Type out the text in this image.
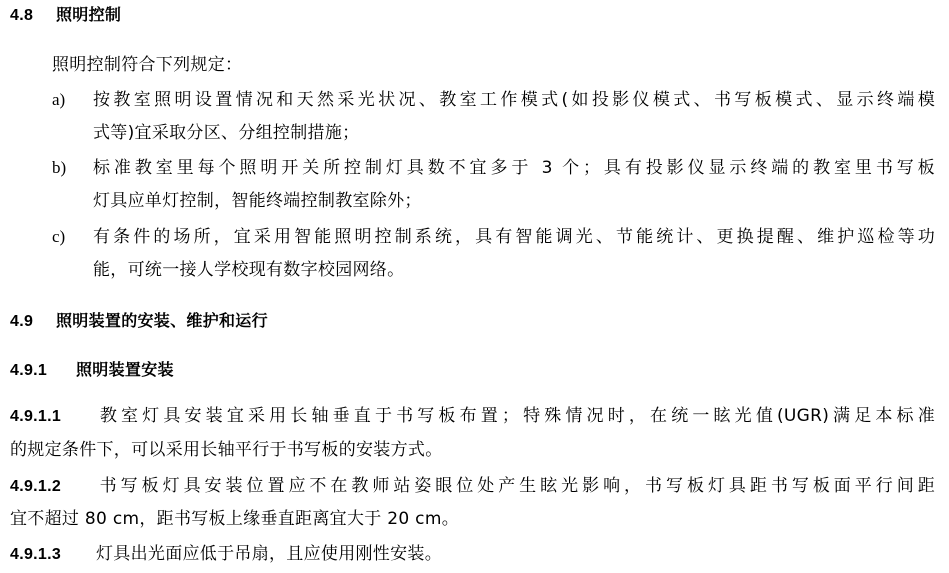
4.8 照明控制
照明控制符合下列规定：
a) 按教室照明设置情况和天然采光状况、教室工作模式(如投影仪模式、书写板模式、显示终端模
式等)宜采取分区、分组控制措施；
b) 标准教室里每个照明开关所控制灯具数不宜多于 3 个；具有投影仪显示终端的教室里书写板
灯具应单灯控制，智能终端控制教室除外；
c) 有条件的场所，宜采用智能照明控制系统，具有智能调光、节能统计、更换提醒、维护巡检等功
能，可统一接人学校现有数字校园网络。
4.9 照明装置的安装、维护和运行
4.9.1 照明装置安装
4.9.1.1 教室灯具安装宜采用长轴垂直于书写板布置；特殊情况时，在统一眩光值(UGR)满足本标准
的规定条件下，可以采用长轴平行于书写板的安装方式。
4.9.1.2 书写板灯具安装位置应不在教师站姿眼位处产生眩光影响，书写板灯具距书写板面平行间距
宜不超过 80 cm，距书写板上缘垂直距离宜大于 20 cm。
4.9.1.3 灯具出光面应低于吊扇，且应使用刚性安装。
